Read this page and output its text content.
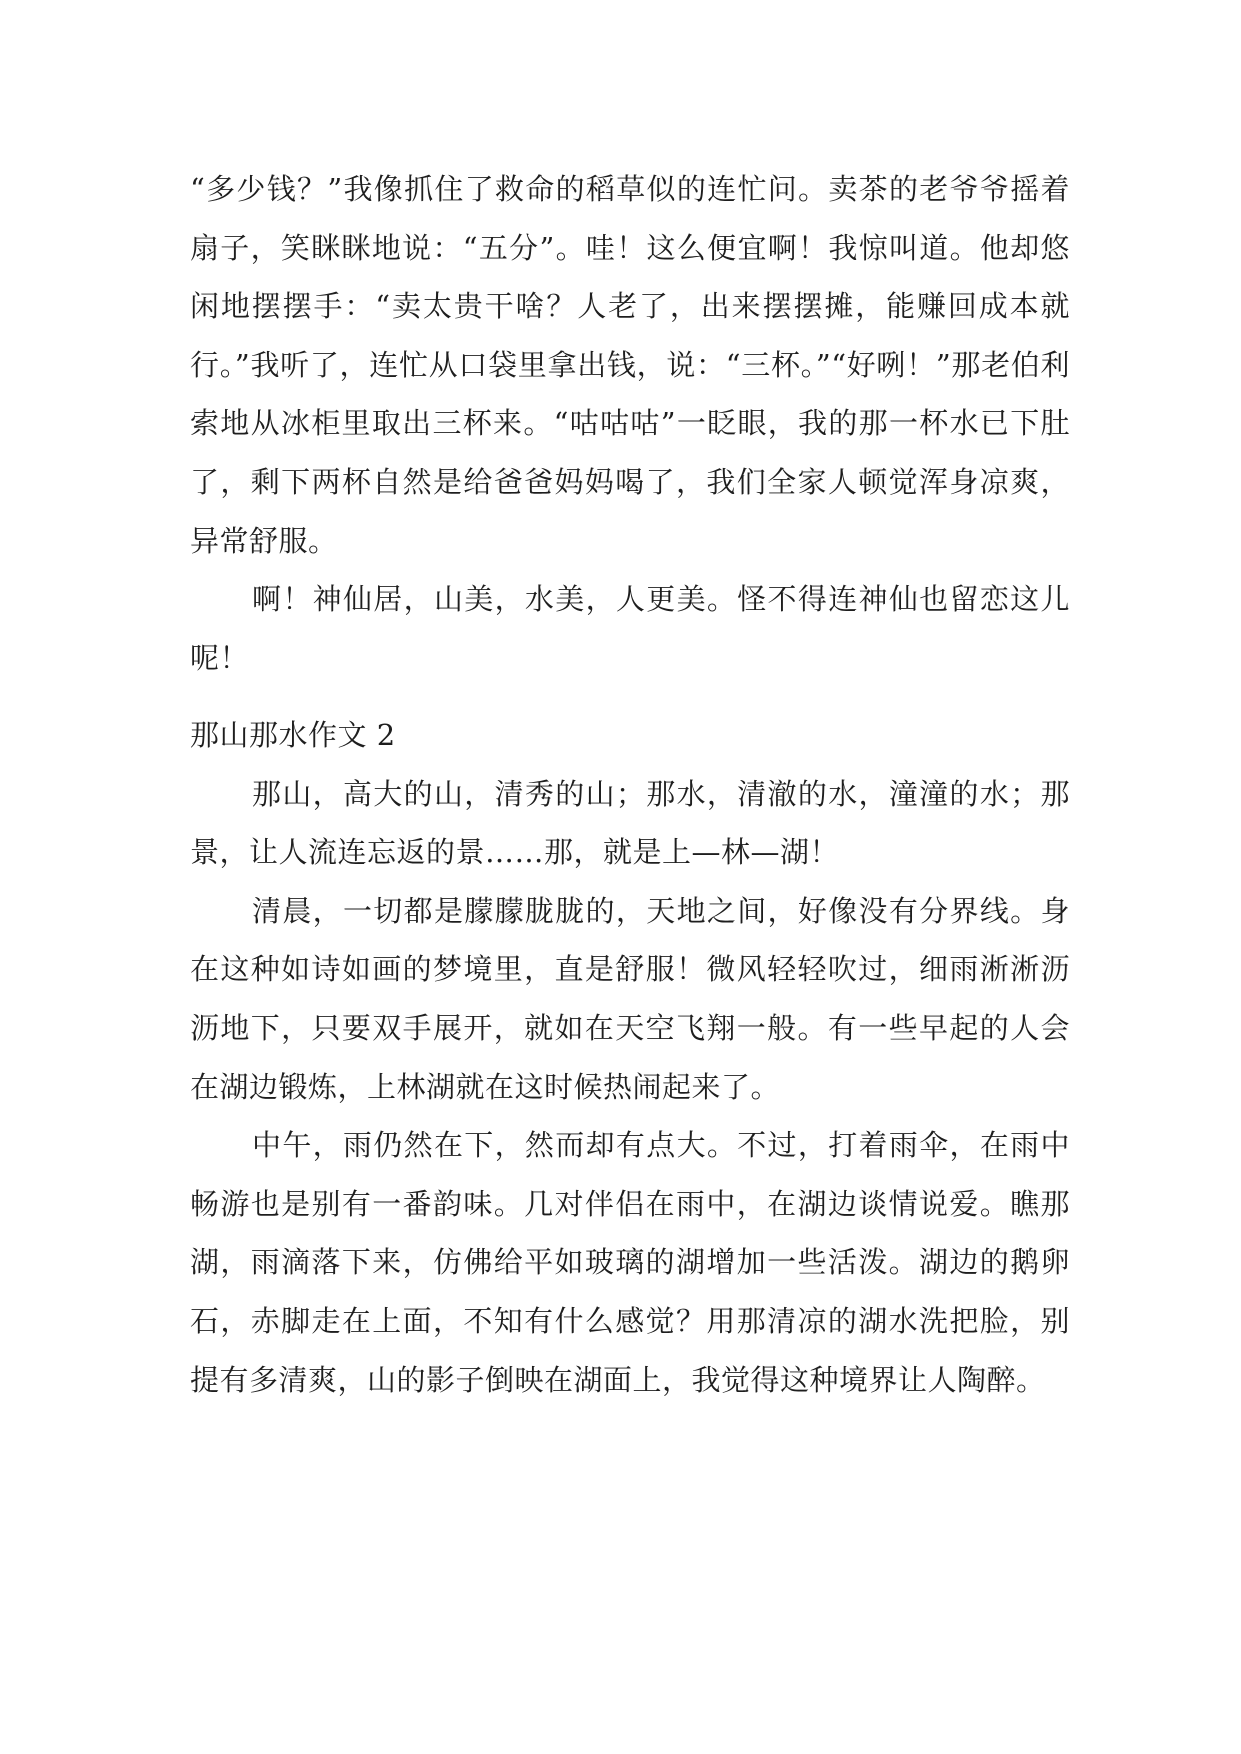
“多少钱？”我像抓住了救命的稻草似的连忙问。卖茶的老爷爷摇着扇子，笑眯眯地说：“五分”。哇！这么便宜啊！我惊叫道。他却悠闲地摆摆手：“卖太贵干啥？人老了，出来摆摆摊，能赚回成本就行。”我听了，连忙从口袋里拿出钱，说：“三杯。”“好咧！”那老伯利索地从冰柜里取出三杯来。“咕咕咕”一眨眼，我的那一杯水已下肚了，剩下两杯自然是给爸爸妈妈喝了，我们全家人顿觉浑身凉爽，异常舒服。

啊！神仙居，山美，水美，人更美。怪不得连神仙也留恋这儿呢！

那山那水作文 2

那山，高大的山，清秀的山；那水，清澈的水，潼潼的水；那景，让人流连忘返的景……那，就是上—林—湖！

清晨，一切都是朦朦胧胧的，天地之间，好像没有分界线。身在这种如诗如画的梦境里，直是舒服！微风轻轻吹过，细雨淅淅沥沥地下，只要双手展开，就如在天空飞翔一般。有一些早起的人会在湖边锻炼，上林湖就在这时候热闹起来了。

中午，雨仍然在下，然而却有点大。不过，打着雨伞，在雨中畅游也是别有一番韵味。几对伴侣在雨中，在湖边谈情说爱。瞧那湖，雨滴落下来，仿佛给平如玻璃的湖增加一些活泼。湖边的鹅卵石，赤脚走在上面，不知有什么感觉？用那清凉的湖水洗把脸，别提有多清爽，山的影子倒映在湖面上，我觉得这种境界让人陶醉。
